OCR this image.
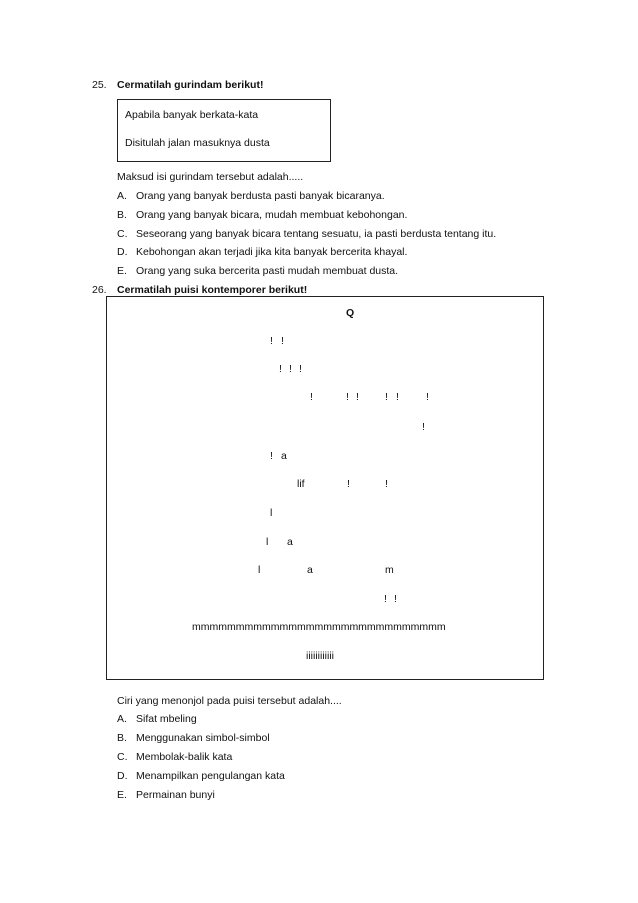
25. Cermatilah gurindam berikut!
Apabila banyak berkata-kata
Disitulah jalan masuknya dusta
Maksud isi gurindam tersebut adalah.....
A. Orang yang banyak berdusta pasti banyak bicaranya.
B. Orang yang banyak bicara, mudah membuat kebohongan.
C. Seseorang yang banyak bicara tentang sesuatu, ia pasti berdusta tentang itu.
D. Kebohongan akan terjadi jika kita banyak bercerita khayal.
E. Orang yang suka bercerita pasti mudah membuat dusta.
26. Cermatilah puisi kontemporer berikut!
Q
! !
! ! !
!	! ! ! !	!
!
! a
lif	!	!
l
l a
l	a	m
! !
mmmmmmmmmmmmmmmmmmmmmmmmmmmmm
iiiiiiiiiiii
Ciri yang menonjol pada puisi tersebut adalah....
A. Sifat mbeling
B. Menggunakan simbol-simbol
C. Membolak-balik kata
D. Menampilkan pengulangan kata
E. Permainan bunyi
